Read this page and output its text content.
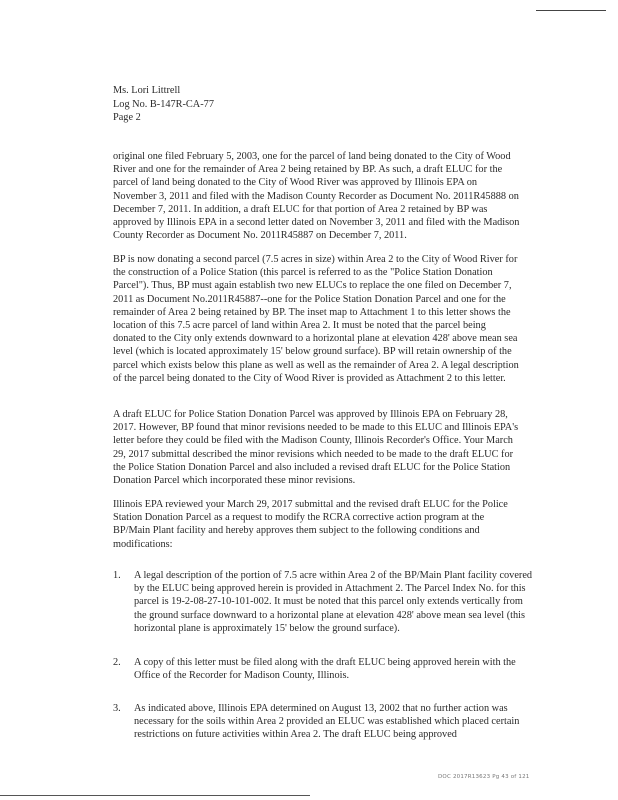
Ms. Lori Littrell
Log No. B-147R-CA-77
Page 2

original one filed February 5, 2003, one for the parcel of land being donated to the City of Wood River and one for the remainder of Area 2 being retained by BP. As such, a draft ELUC for the parcel of land being donated to the City of Wood River was approved by Illinois EPA on November 3, 2011 and filed with the Madison County Recorder as Document No. 2011R45888 on December 7, 2011. In addition, a draft ELUC for that portion of Area 2 retained by BP was approved by Illinois EPA in a second letter dated on November 3, 2011 and filed with the Madison County Recorder as Document No. 2011R45887 on December 7, 2011.

BP is now donating a second parcel (7.5 acres in size) within Area 2 to the City of Wood River for the construction of a Police Station (this parcel is referred to as the "Police Station Donation Parcel"). Thus, BP must again establish two new ELUCs to replace the one filed on December 7, 2011 as Document No.2011R45887--one for the Police Station Donation Parcel and one for the remainder of Area 2 being retained by BP. The inset map to Attachment 1 to this letter shows the location of this 7.5 acre parcel of land within Area 2. It must be noted that the parcel being donated to the City only extends downward to a horizontal plane at elevation 428' above mean sea level (which is located approximately 15' below ground surface). BP will retain ownership of the parcel which exists below this plane as well as well as the remainder of Area 2. A legal description of the parcel being donated to the City of Wood River is provided as Attachment 2 to this letter.

A draft ELUC for Police Station Donation Parcel was approved by Illinois EPA on February 28, 2017. However, BP found that minor revisions needed to be made to this ELUC and Illinois EPA's letter before they could be filed with the Madison County, Illinois Recorder's Office. Your March 29, 2017 submittal described the minor revisions which needed to be made to the draft ELUC for the Police Station Donation Parcel and also included a revised draft ELUC for the Police Station Donation Parcel which incorporated these minor revisions.

Illinois EPA reviewed your March 29, 2017 submittal and the revised draft ELUC for the Police Station Donation Parcel as a request to modify the RCRA corrective action program at the BP/Main Plant facility and hereby approves them subject to the following conditions and modifications:

1. A legal description of the portion of 7.5 acre within Area 2 of the BP/Main Plant facility covered by the ELUC being approved herein is provided in Attachment 2. The Parcel Index No. for this parcel is 19-2-08-27-10-101-002. It must be noted that this parcel only extends vertically from the ground surface downward to a horizontal plane at elevation 428' above mean sea level (this horizontal plane is approximately 15' below the ground surface).
2. A copy of this letter must be filed along with the draft ELUC being approved herein with the Office of the Recorder for Madison County, Illinois.
3. As indicated above, Illinois EPA determined on August 13, 2002 that no further action was necessary for the soils within Area 2 provided an ELUC was established which placed certain restrictions on future activities within Area 2. The draft ELUC being approved
DOC 2017R13623 Pg 43 of 121
